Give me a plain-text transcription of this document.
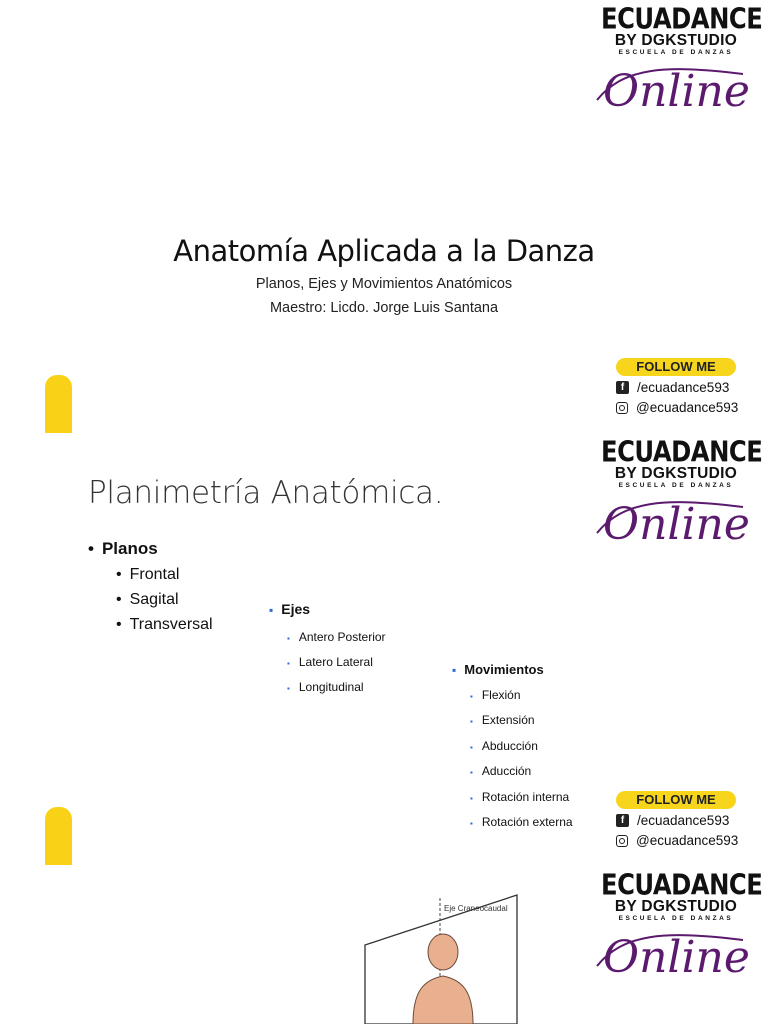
ECUADANCE
BY DGKSTUDIO
ESCUELA DE DANZAS
Online
Anatomía Aplicada a la Danza
Planos, Ejes y Movimientos Anatómicos
Maestro: Licdo. Jorge Luis Santana
FOLLOW ME
f /ecuadance593
@ecuadance593
ECUADANCE
BY DGKSTUDIO
ESCUELA DE DANZAS
Online
Planimetría Anatómica.
• Planos
• Frontal
• Sagital
• Transversal
▪ Ejes
▪ Antero Posterior
▪ Latero Lateral
▪ Longitudinal
▪ Movimientos
▪ Flexión
▪ Extensión
▪ Abducción
▪ Aducción
▪ Rotación interna
▪ Rotación externa
FOLLOW ME
f /ecuadance593
@ecuadance593
ECUADANCE
BY DGKSTUDIO
ESCUELA DE DANZAS
Online
Eje Craneocaudal
